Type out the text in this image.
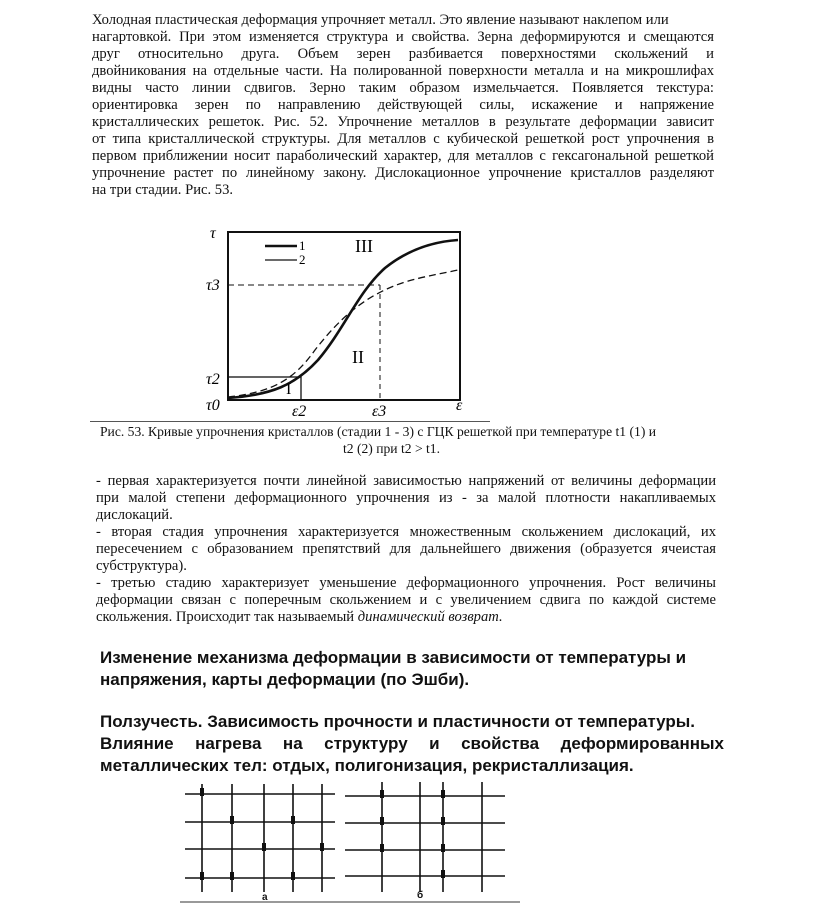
Холодная пластическая деформация упрочняет металл. Это явление называют наклепом или
нагартовкой. При этом изменяется структура и свойства. Зерна деформируются и смещаются
друг относительно друга. Объем зерен разбивается поверхностями скольжений и
двойникования на отдельные части. На полированной поверхности металла и на микрошлифах
видны часто линии сдвигов. Зерно таким образом измельчается. Появляется текстура:
ориентировка зерен по направлению действующей силы, искажение и напряжение
кристаллических решеток. Рис. 52. Упрочнение металлов в результате деформации зависит
от типа кристаллической структуры. Для металлов с кубической решеткой рост упрочнения в
первом приближении носит параболический характер, для металлов с гексагональной решеткой
упрочнение растет по линейному закону. Дислокационное упрочнение кристаллов разделяют
на три стадии. Рис. 53.
1
2
III
II
I
τ
τ3
τ2
τ0	ε2	ε3	ε
Рис. 53. Кривые упрочнения кристаллов (стадии 1 - 3) с ГЦК решеткой при температуре t1 (1) и
t2 (2) при t2 > t1.
- первая характеризуется почти линейной зависимостью напряжений от величины деформации
при малой степени деформационного упрочнения из - за малой плотности накапливаемых
дислокаций.
- вторая стадия упрочнения характеризуется множественным скольжением дислокаций, их
пересечением с образованием препятствий для дальнейшего движения (образуется ячеистая
субструктура).
- третью стадию характеризует уменьшение деформационного упрочнения. Рост величины
деформации связан с поперечным скольжением и с увеличением сдвига по каждой системе
скольжения. Происходит так называемый динамический возврат.
Изменение механизма деформации в зависимости от температуры и
напряжения, карты деформации (по Эшби).
Ползучесть. Зависимость прочности и пластичности от температуры.
Влияние нагрева на структуру и свойства деформированных
металлических тел: отдых, полигонизация, рекристаллизация.
а	б
